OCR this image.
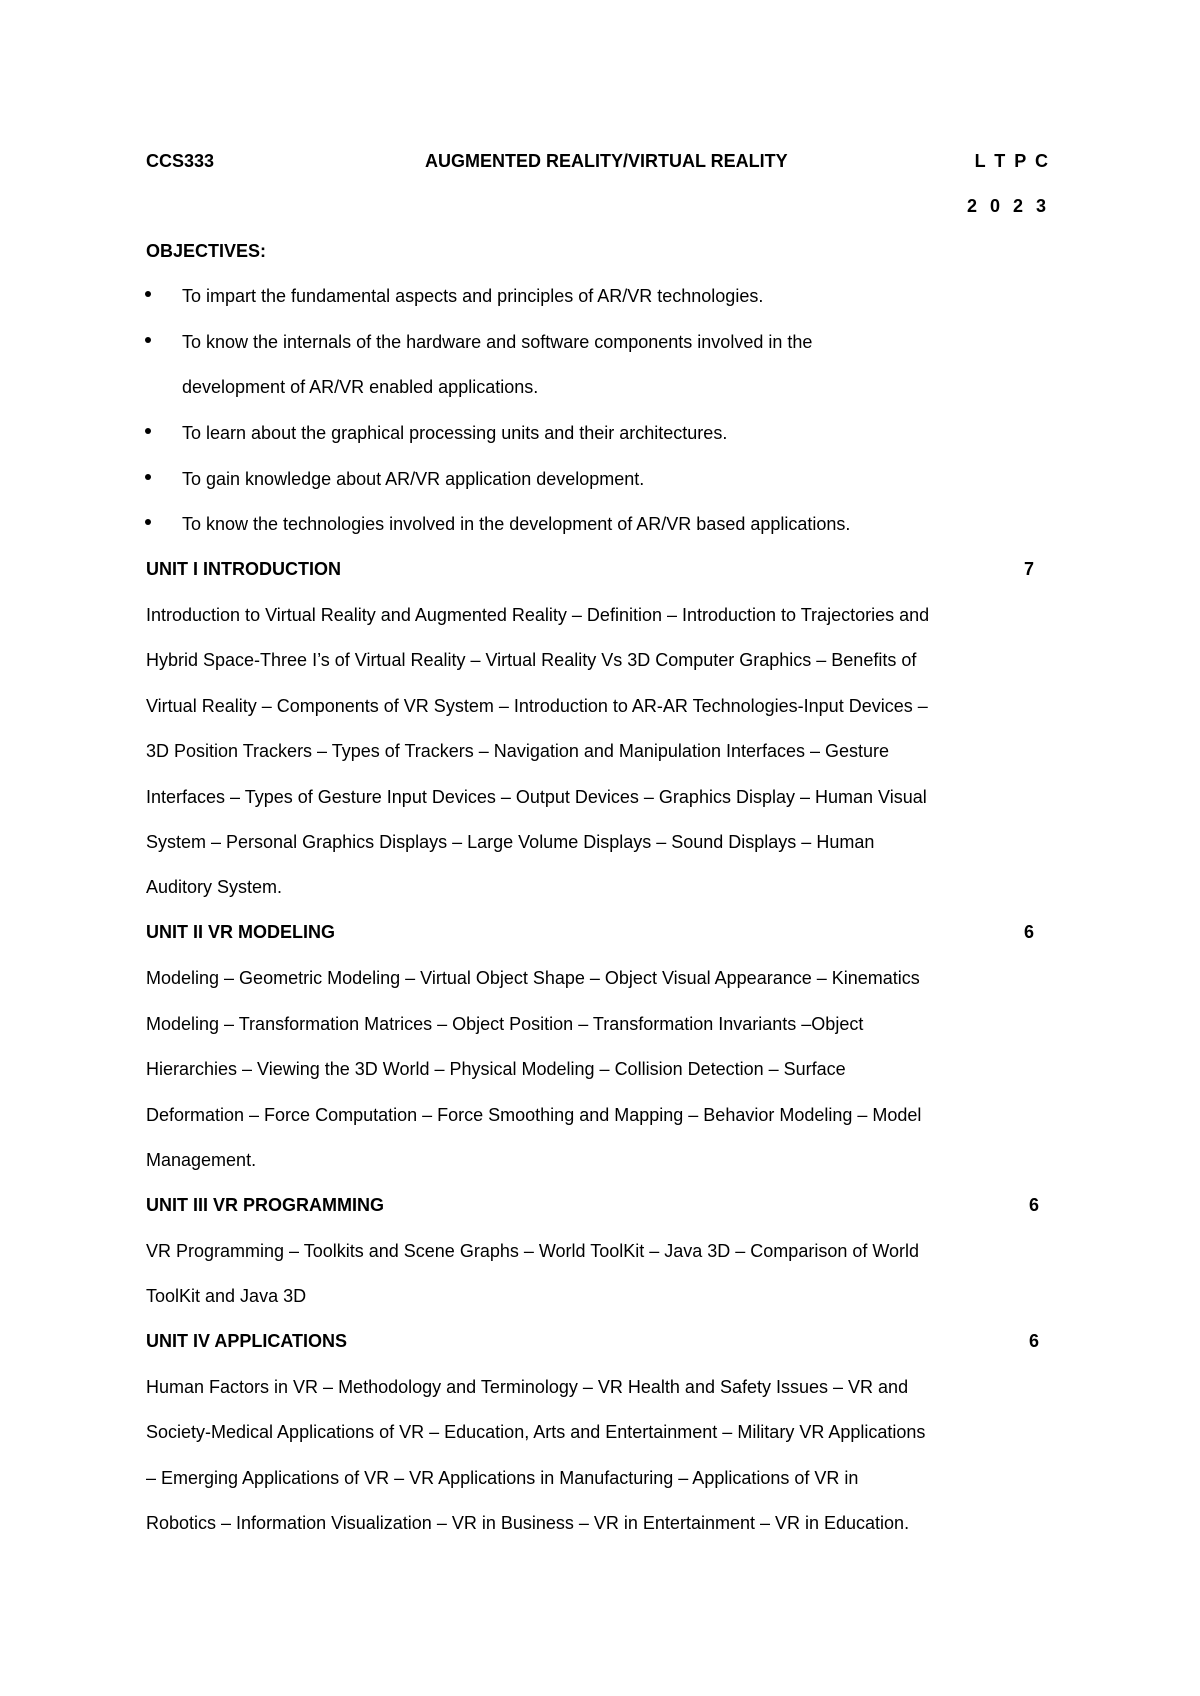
CCS333	AUGMENTED REALITY/VIRTUAL REALITY	L T P C
2 0 2 3
OBJECTIVES:
To impart the fundamental aspects and principles of AR/VR technologies.
To know the internals of the hardware and software components involved in the
development of AR/VR enabled applications.
To learn about the graphical processing units and their architectures.
To gain knowledge about AR/VR application development.
To know the technologies involved in the development of AR/VR based applications.
UNIT I INTRODUCTION	7
Introduction to Virtual Reality and Augmented Reality – Definition – Introduction to Trajectories and
Hybrid Space-Three I’s of Virtual Reality – Virtual Reality Vs 3D Computer Graphics – Benefits of
Virtual Reality – Components of VR System – Introduction to AR-AR Technologies-Input Devices –
3D Position Trackers – Types of Trackers – Navigation and Manipulation Interfaces – Gesture
Interfaces – Types of Gesture Input Devices – Output Devices – Graphics Display – Human Visual
System – Personal Graphics Displays – Large Volume Displays – Sound Displays – Human
Auditory System.
UNIT II VR MODELING	6
Modeling – Geometric Modeling – Virtual Object Shape – Object Visual Appearance – Kinematics
Modeling – Transformation Matrices – Object Position – Transformation Invariants –Object
Hierarchies – Viewing the 3D World – Physical Modeling – Collision Detection – Surface
Deformation – Force Computation – Force Smoothing and Mapping – Behavior Modeling – Model
Management.
UNIT III VR PROGRAMMING	6
VR Programming – Toolkits and Scene Graphs – World ToolKit – Java 3D – Comparison of World
ToolKit and Java 3D
UNIT IV APPLICATIONS	6
Human Factors in VR – Methodology and Terminology – VR Health and Safety Issues – VR and
Society-Medical Applications of VR – Education, Arts and Entertainment – Military VR Applications
– Emerging Applications of VR – VR Applications in Manufacturing – Applications of VR in
Robotics – Information Visualization – VR in Business – VR in Entertainment – VR in Education.
